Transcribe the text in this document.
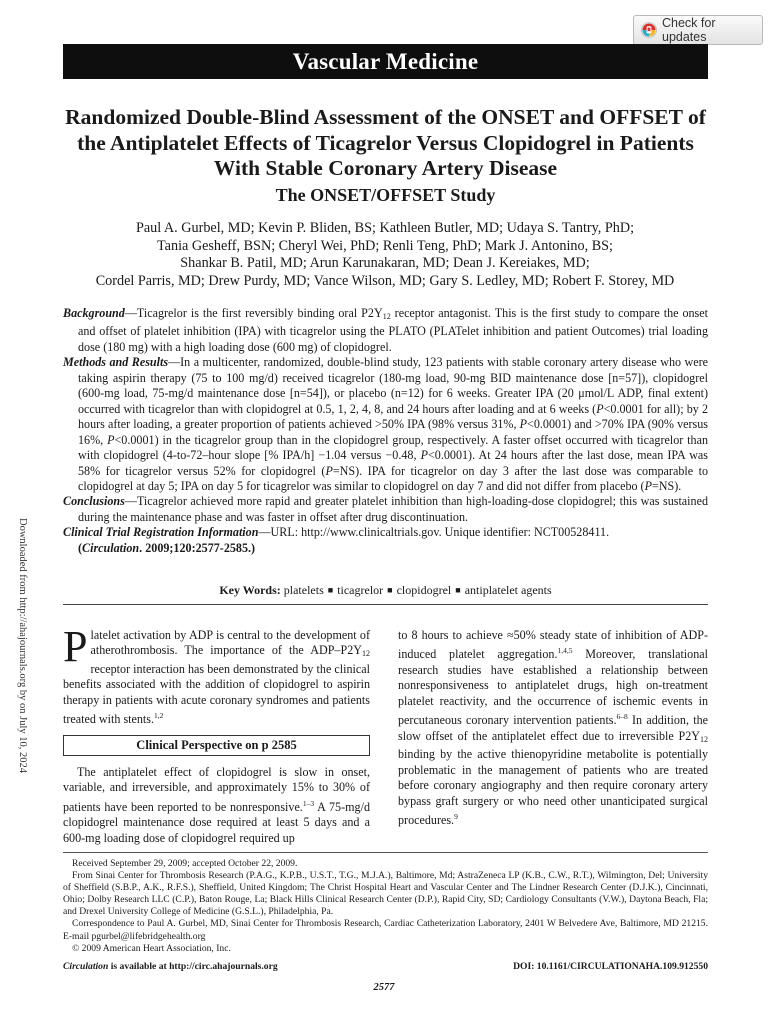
Check for updates
Vascular Medicine
Randomized Double-Blind Assessment of the ONSET and OFFSET of the Antiplatelet Effects of Ticagrelor Versus Clopidogrel in Patients With Stable Coronary Artery Disease
The ONSET/OFFSET Study
Paul A. Gurbel, MD; Kevin P. Bliden, BS; Kathleen Butler, MD; Udaya S. Tantry, PhD;
Tania Gesheff, BSN; Cheryl Wei, PhD; Renli Teng, PhD; Mark J. Antonino, BS;
Shankar B. Patil, MD; Arun Karunakaran, MD; Dean J. Kereiakes, MD;
Cordel Parris, MD; Drew Purdy, MD; Vance Wilson, MD; Gary S. Ledley, MD; Robert F. Storey, MD

Background—Ticagrelor is the first reversibly binding oral $P2Y_{12}$ receptor antagonist. This is the first study to compare the onset and offset of platelet inhibition (IPA) with ticagrelor using the PLATO (PLATelet inhibition and patient Outcomes) trial loading dose (180 mg) with a high loading dose (600 mg) of clopidogrel.

Methods and Results—In a multicenter, randomized, double-blind study, 123 patients with stable coronary artery disease who were taking aspirin therapy (75 to 100 mg/d) received ticagrelor (180-mg load, 90-mg BID maintenance dose [n=57]), clopidogrel (600-mg load, 75-mg/d maintenance dose [n=54]), or placebo (n=12) for 6 weeks. Greater IPA (20 μmol/L ADP, final extent) occurred with ticagrelor than with clopidogrel at 0.5, 1, 2, 4, 8, and 24 hours after loading and at 6 weeks (P<0.0001 for all); by 2 hours after loading, a greater proportion of patients achieved >50% IPA (98% versus 31%, P<0.0001) and >70% IPA (90% versus 16%, P<0.0001) in the ticagrelor group than in the clopidogrel group, respectively. A faster offset occurred with ticagrelor than with clopidogrel (4-to-72–hour slope [% IPA/h] −1.04 versus −0.48, P<0.0001). At 24 hours after the last dose, mean IPA was 58% for ticagrelor versus 52% for clopidogrel (P=NS). IPA for ticagrelor on day 3 after the last dose was comparable to clopidogrel at day 5; IPA on day 5 for ticagrelor was similar to clopidogrel on day 7 and did not differ from placebo (P=NS).

Conclusions—Ticagrelor achieved more rapid and greater platelet inhibition than high-loading-dose clopidogrel; this was sustained during the maintenance phase and was faster in offset after drug discontinuation.

Clinical Trial Registration Information—URL: http://www.clinicaltrials.gov. Unique identifier: NCT00528411.

(Circulation. 2009;120:2577-2585.)
Key Words: platelets ■ ticagrelor ■ clopidogrel ■ antiplatelet agents

Platelet activation by ADP is central to the development of atherothrombosis. The importance of the ADP–$P2Y_{12}$ receptor interaction has been demonstrated by the clinical benefits associated with the addition of clopidogrel to aspirin therapy in patients with acute coronary syndromes and patients treated with stents.$^{1,2}$

Clinical Perspective on p 2585

The antiplatelet effect of clopidogrel is slow in onset, variable, and irreversible, and approximately 15% to 30% of patients have been reported to be nonresponsive.$^{1-3}$ A 75-mg/d clopidogrel maintenance dose required at least 5 days and a 600-mg loading dose of clopidogrel required up

to 8 hours to achieve ≈50% steady state of inhibition of ADP-induced platelet aggregation.$^{1,4,5}$ Moreover, translational research studies have established a relationship between nonresponsiveness to antiplatelet drugs, high on-treatment platelet reactivity, and the occurrence of ischemic events in percutaneous coronary intervention patients.$^{6-8}$ In addition, the slow offset of the antiplatelet effect due to irreversible $P2Y_{12}$ binding by the active thienopyridine metabolite is potentially problematic in the management of patients who are treated before coronary angiography and then require coronary artery bypass graft surgery or who need other unanticipated surgical procedures.$^9$

Downloaded from http://ahajournals.org by on July 10, 2024

Received September 29, 2009; accepted October 22, 2009.

From Sinai Center for Thrombosis Research (P.A.G., K.P.B., U.S.T., T.G., M.J.A.), Baltimore, Md; AstraZeneca LP (K.B., C.W., R.T.), Wilmington, Del; University of Sheffield (S.B.P., A.K., R.F.S.), Sheffield, United Kingdom; The Christ Hospital Heart and Vascular Center and The Lindner Research Center (D.J.K.), Cincinnati, Ohio; Dolby Research LLC (C.P.), Baton Rouge, La; Black Hills Clinical Research Center (D.P.), Rapid City, SD; Cardiology Consultants (V.W.), Daytona Beach, Fla; and Drexel University College of Medicine (G.S.L.), Philadelphia, Pa.

Correspondence to Paul A. Gurbel, MD, Sinai Center for Thrombosis Research, Cardiac Catheterization Laboratory, 2401 W Belvedere Ave, Baltimore, MD 21215. E-mail pgurbel@lifebridgehealth.org

© 2009 American Heart Association, Inc.

Circulation is available at http://circ.ahajournals.org	DOI: 10.1161/CIRCULATIONAHA.109.912550
2577
